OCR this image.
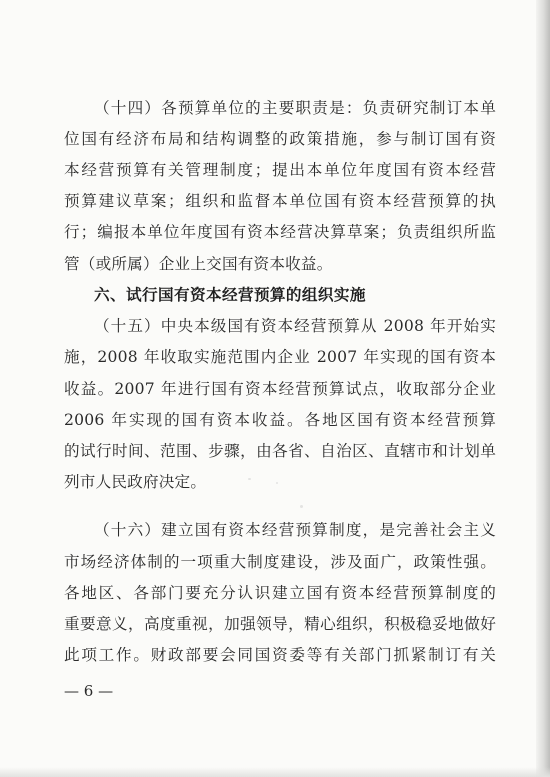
（十四）各预算单位的主要职责是：负责研究制订本单

位国有经济布局和结构调整的政策措施，参与制订国有资

本经营预算有关管理制度；提出本单位年度国有资本经营

预算建议草案；组织和监督本单位国有资本经营预算的执

行；编报本单位年度国有资本经营决算草案；负责组织所监

管（或所属）企业上交国有资本收益。

六、试行国有资本经营预算的组织实施

（十五）中央本级国有资本经营预算从 2008 年开始实

施，2008 年收取实施范围内企业 2007 年实现的国有资本

收益。2007 年进行国有资本经营预算试点，收取部分企业

2006 年实现的国有资本收益。各地区国有资本经营预算

的试行时间、范围、步骤，由各省、自治区、直辖市和计划单

列市人民政府决定。

（十六）建立国有资本经营预算制度，是完善社会主义

市场经济体制的一项重大制度建设，涉及面广，政策性强。

各地区、各部门要充分认识建立国有资本经营预算制度的

重要意义，高度重视，加强领导，精心组织，积极稳妥地做好

此项工作。财政部要会同国资委等有关部门抓紧制订有关

— 6 —
